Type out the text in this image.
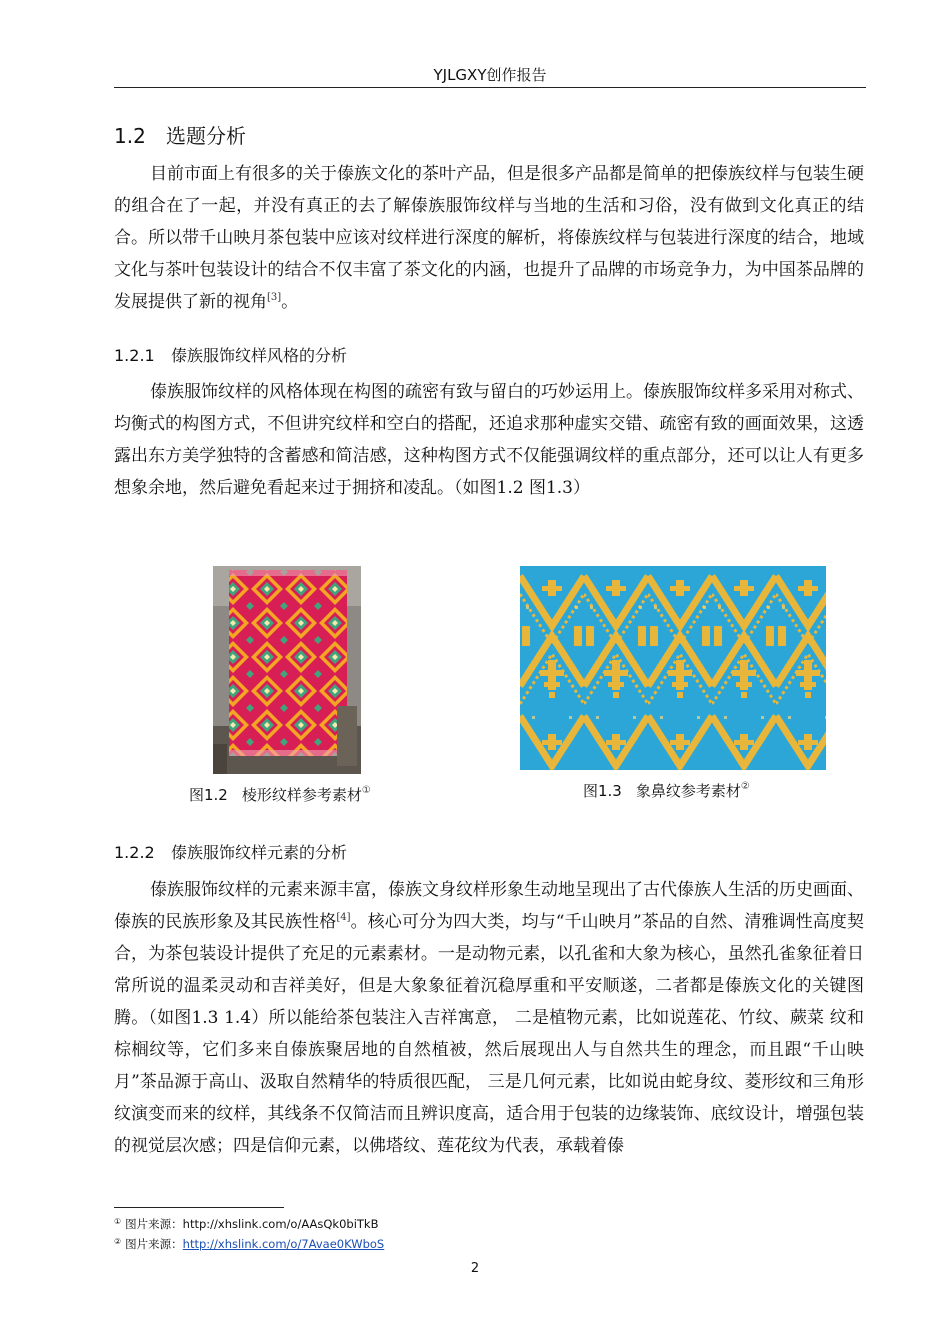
YJLGXY创作报告
1.2 选题分析

目前市面上有很多的关于傣族文化的茶叶产品，但是很多产品都是简单的把傣族纹样与包装生硬的组合在了一起，并没有真正的去了解傣族服饰纹样与当地的生活和习俗，没有做到文化真正的结合。所以带千山映月茶包装中应该对纹样进行深度的解析，将傣族纹样与包装进行深度的结合，地域文化与茶叶包装设计的结合不仅丰富了茶文化的内涵，也提升了品牌的市场竞争力，为中国茶品牌的发展提供了新的视角[3]。

1.2.1 傣族服饰纹样风格的分析

傣族服饰纹样的风格体现在构图的疏密有致与留白的巧妙运用上。傣族服饰纹样多采用对称式、均衡式的构图方式，不但讲究纹样和空白的搭配，还追求那种虚实交错、疏密有致的画面效果，这透露出东方美学独特的含蓄感和简洁感，这种构图方式不仅能强调纹样的重点部分，还可以让人有更多想象余地，然后避免看起来过于拥挤和凌乱。（如图1.2 图1.3）

图1.2 棱形纹样参考素材①	图1.3 象鼻纹参考素材②
1.2.2 傣族服饰纹样元素的分析

傣族服饰纹样的元素来源丰富，傣族文身纹样形象生动地呈现出了古代傣族人生活的历史画面、傣族的民族形象及其民族性格[4]。核心可分为四大类，均与“千山映月”茶品的自然、清雅调性高度契合，为茶包装设计提供了充足的元素素材。一是动物元素，以孔雀和大象为核心，虽然孔雀象征着日常所说的温柔灵动和吉祥美好，但是大象象征着沉稳厚重和平安顺遂，二者都是傣族文化的关键图腾。（如图1.3 1.4）所以能给茶包装注入吉祥寓意， 二是植物元素，比如说莲花、竹纹、蕨菜 纹和棕榈纹等，它们多来自傣族聚居地的自然植被，然后展现出人与自然共生的理念，而且跟“千山映月”茶品源于高山、汲取自然精华的特质很匹配， 三是几何元素，比如说由蛇身纹、菱形纹和三角形纹演变而来的纹样，其线条不仅简洁而且辨识度高，适合用于包装的边缘装饰、底纹设计，增强包装的视觉层次感；四是信仰元素，以佛塔纹、莲花纹为代表，承载着傣

① 图片来源：http://xhslink.com/o/AAsQk0biTkB
② 图片来源：http://xhslink.com/o/7Avae0KWboS
2
